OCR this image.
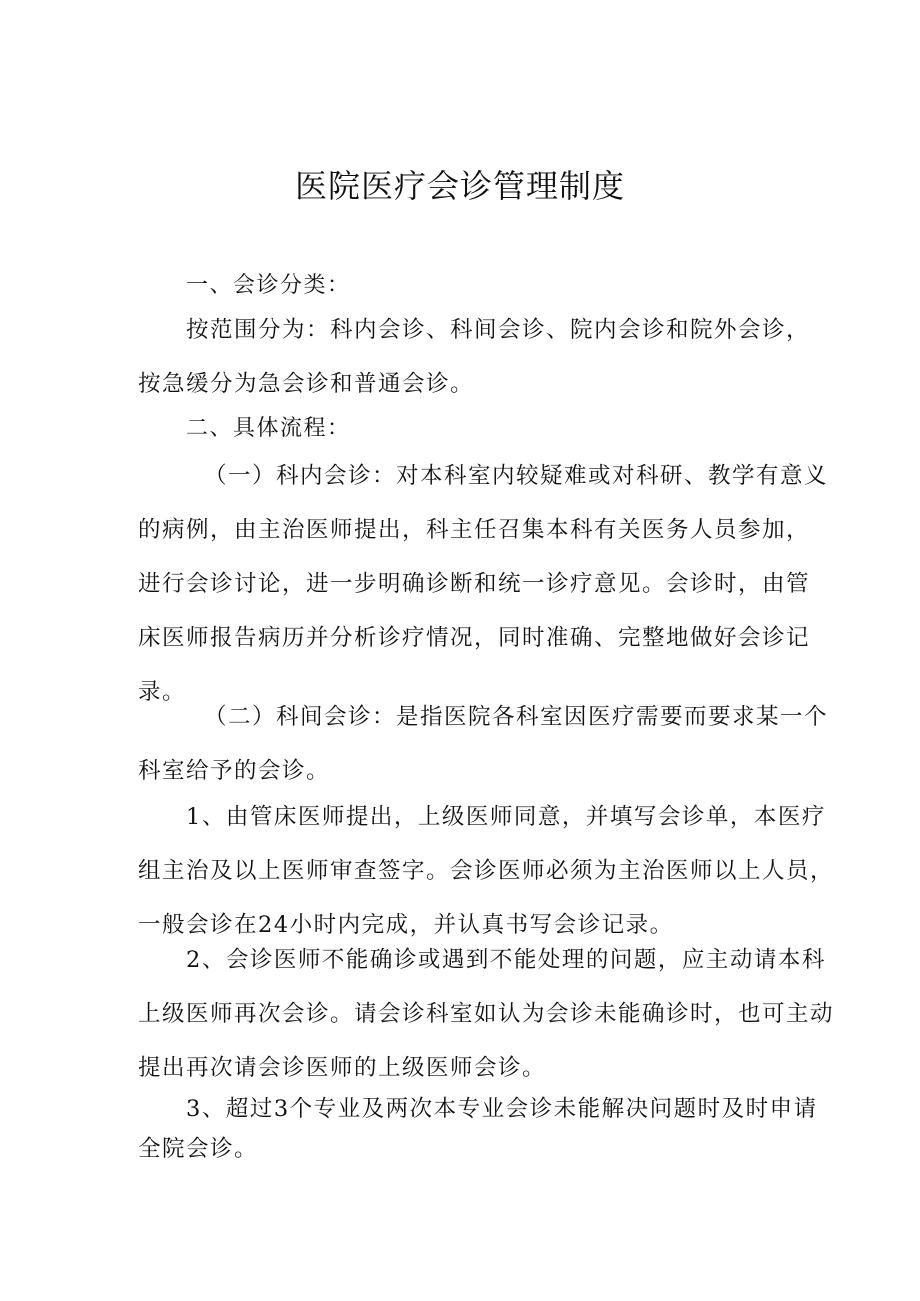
医院医疗会诊管理制度
一、会诊分类：
按范围分为：科内会诊、科间会诊、院内会诊和院外会诊，
按急缓分为急会诊和普通会诊。
二、具体流程：
（一）科内会诊：对本科室内较疑难或对科研、教学有意义
的病例，由主治医师提出，科主任召集本科有关医务人员参加，
进行会诊讨论，进一步明确诊断和统一诊疗意见。会诊时，由管
床医师报告病历并分析诊疗情况，同时准确、完整地做好会诊记
录。
（二）科间会诊：是指医院各科室因医疗需要而要求某一个
科室给予的会诊。
1、由管床医师提出，上级医师同意，并填写会诊单，本医疗
组主治及以上医师审查签字。会诊医师必须为主治医师以上人员，
一般会诊在24小时内完成，并认真书写会诊记录。
2、会诊医师不能确诊或遇到不能处理的问题，应主动请本科
上级医师再次会诊。请会诊科室如认为会诊未能确诊时，也可主动
提出再次请会诊医师的上级医师会诊。
3、超过3个专业及两次本专业会诊未能解决问题时及时申请
全院会诊。
